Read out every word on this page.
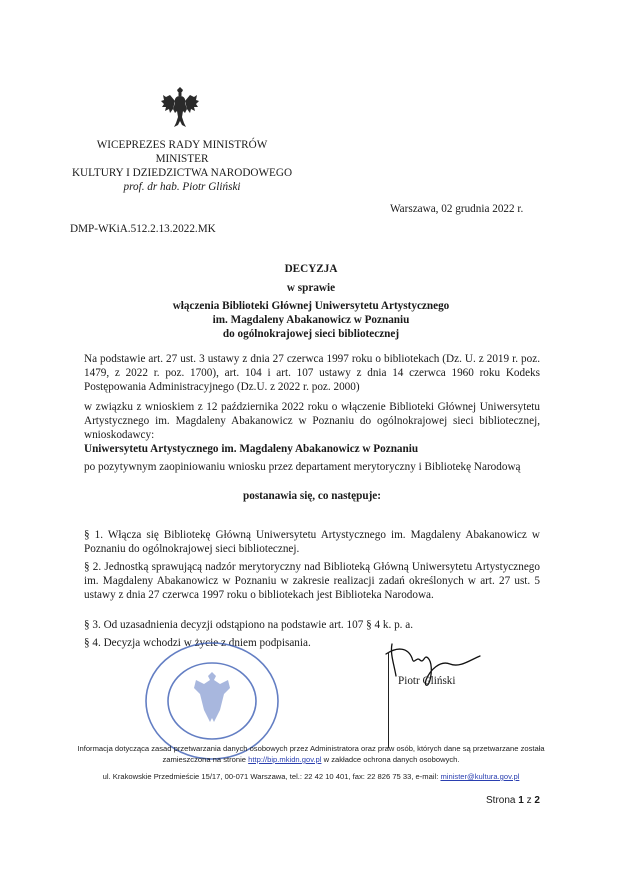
WICEPREZES RADY MINISTRÓW
MINISTER
KULTURY I DZIEDZICTWA NARODOWEGO
prof. dr hab. Piotr Gliński
Warszawa, 02 grudnia 2022 r.
DMP-WKiA.512.2.13.2022.MK
DECYZJA
w sprawie
włączenia Biblioteki Głównej Uniwersytetu Artystycznego
im. Magdaleny Abakanowicz w Poznaniu
do ogólnokrajowej sieci bibliotecznej
Na podstawie art. 27 ust. 3 ustawy z dnia 27 czerwca 1997 roku o bibliotekach (Dz. U. z 2019 r. poz. 1479, z 2022 r. poz. 1700), art. 104 i art. 107 ustawy z dnia 14 czerwca 1960 roku Kodeks Postępowania Administracyjnego (Dz.U. z 2022 r. poz. 2000)
w związku z wnioskiem z 12 października 2022 roku o włączenie Biblioteki Głównej Uniwersytetu Artystycznego im. Magdaleny Abakanowicz w Poznaniu do ogólnokrajowej sieci bibliotecznej, wnioskodawcy:
Uniwersytetu Artystycznego im. Magdaleny Abakanowicz w Poznaniu
po pozytywnym zaopiniowaniu wniosku przez departament merytoryczny i Bibliotekę Narodową
postanawia się, co następuje:
§ 1. Włącza się Bibliotekę Główną Uniwersytetu Artystycznego im. Magdaleny Abakanowicz w Poznaniu do ogólnokrajowej sieci bibliotecznej.
§ 2. Jednostką sprawującą nadzór merytoryczny nad Biblioteką Główną Uniwersytetu Artystycznego im. Magdaleny Abakanowicz w Poznaniu w zakresie realizacji zadań określonych w art. 27 ust. 5 ustawy z dnia 27 czerwca 1997 roku o bibliotekach jest Biblioteka Narodowa.
§ 3. Od uzasadnienia decyzji odstąpiono na podstawie art. 107 § 4 k. p. a.
§ 4. Decyzja wchodzi w życie z dniem podpisania.
Piotr Gliński
Informacja dotycząca zasad przetwarzania danych osobowych przez Administratora oraz praw osób, których dane są przetwarzane została
zamieszczona na stronie http://bip.mkidn.gov.pl w zakładce ochrona danych osobowych.
ul. Krakowskie Przedmieście 15/17, 00-071 Warszawa, tel.: 22 42 10 401, fax: 22 826 75 33, e-mail: minister@kultura.gov.pl
Strona 1 z 2
